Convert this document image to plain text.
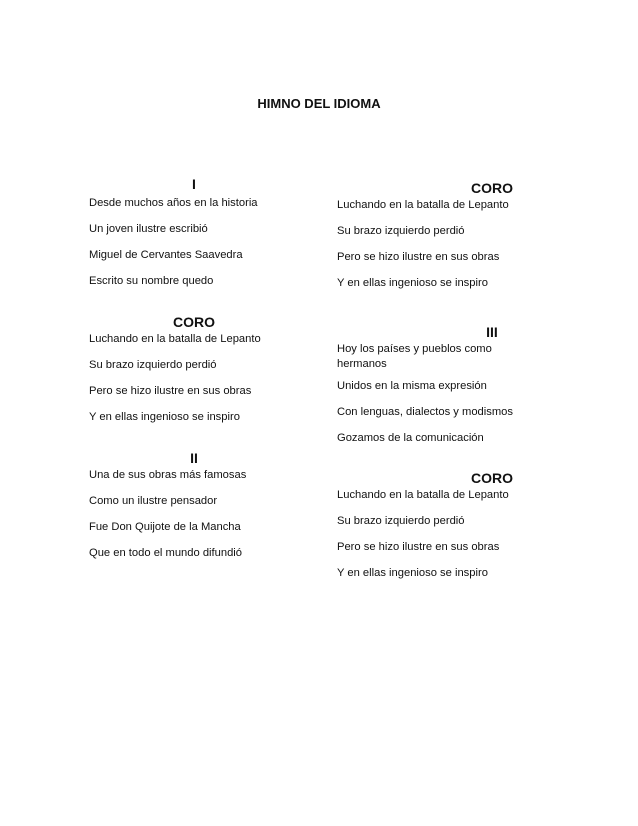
HIMNO DEL IDIOMA
I

Desde muchos años en la historia

Un joven ilustre escribió

Miguel de Cervantes Saavedra

Escrito su nombre quedo

CORO

Luchando en la batalla de Lepanto

Su brazo izquierdo perdió

Pero se hizo ilustre en sus obras

Y en ellas ingenioso se inspiro

II

Una de sus obras más famosas

Como un ilustre pensador

Fue Don Quijote de la Mancha

Que en todo el mundo difundió

CORO

Luchando en la batalla de Lepanto

Su brazo izquierdo perdió

Pero se hizo ilustre en sus obras

Y en ellas ingenioso se inspiro

III

Hoy los países y pueblos como

hermanos

Unidos en la misma expresión

Con lenguas, dialectos y modismos

Gozamos de la comunicación

CORO

Luchando en la batalla de Lepanto

Su brazo izquierdo perdió

Pero se hizo ilustre en sus obras

Y en ellas ingenioso se inspiro
